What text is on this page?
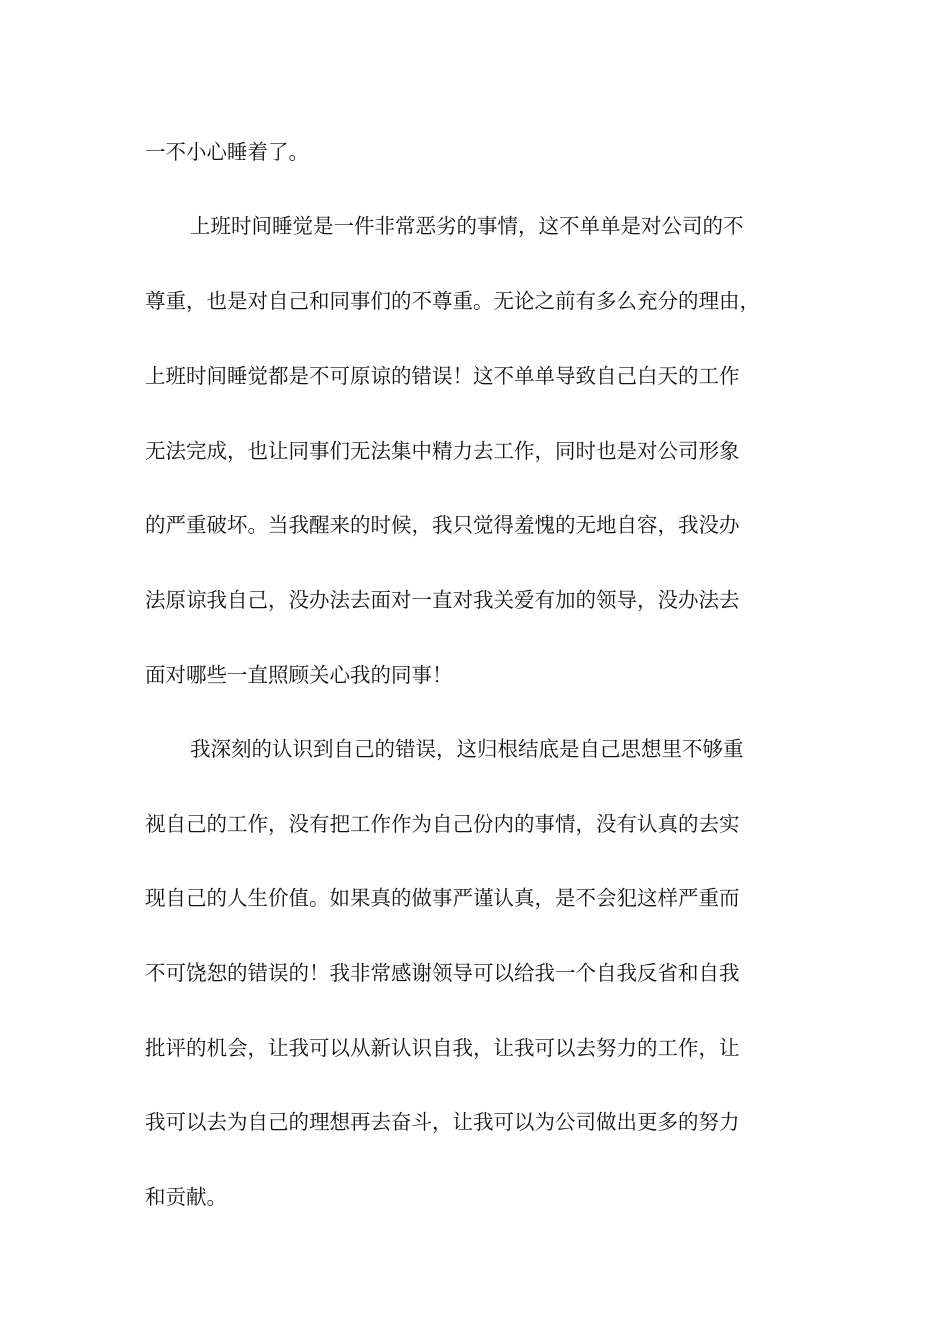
一不小心睡着了。
上班时间睡觉是一件非常恶劣的事情，这不单单是对公司的不
尊重，也是对自己和同事们的不尊重。无论之前有多么充分的理由，
上班时间睡觉都是不可原谅的错误！这不单单导致自己白天的工作
无法完成，也让同事们无法集中精力去工作，同时也是对公司形象
的严重破坏。当我醒来的时候，我只觉得羞愧的无地自容，我没办
法原谅我自己，没办法去面对一直对我关爱有加的领导，没办法去
面对哪些一直照顾关心我的同事！
我深刻的认识到自己的错误，这归根结底是自己思想里不够重
视自己的工作，没有把工作作为自己份内的事情，没有认真的去实
现自己的人生价值。如果真的做事严谨认真，是不会犯这样严重而
不可饶恕的错误的！我非常感谢领导可以给我一个自我反省和自我
批评的机会，让我可以从新认识自我，让我可以去努力的工作，让
我可以去为自己的理想再去奋斗，让我可以为公司做出更多的努力
和贡献。
